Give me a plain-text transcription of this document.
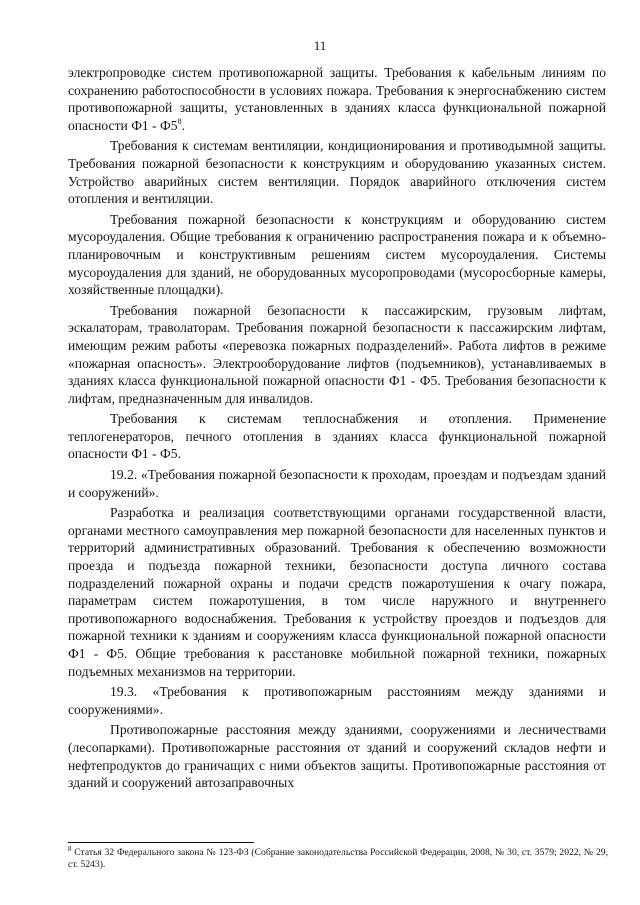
11

электропроводке систем противопожарной защиты. Требования к кабельным линиям по сохранению работоспособности в условиях пожара. Требования к энергоснабжению систем противопожарной защиты, установленных в зданиях класса функциональной пожарной опасности $Ф1 - Ф5^8$.

Требования к системам вентиляции, кондиционирования и противодымной защиты. Требования пожарной безопасности к конструкциям и оборудованию указанных систем. Устройство аварийных систем вентиляции. Порядок аварийного отключения систем отопления и вентиляции.

Требования пожарной безопасности к конструкциям и оборудованию систем мусороудаления. Общие требования к ограничению распространения пожара и к объемно-планировочным и конструктивным решениям систем мусороудаления. Системы мусороудаления для зданий, не оборудованных мусоропроводами (мусоросборные камеры, хозяйственные площадки).

Требования пожарной безопасности к пассажирским, грузовым лифтам, эскалаторам, траволаторам. Требования пожарной безопасности к пассажирским лифтам, имеющим режим работы «перевозка пожарных подразделений». Работа лифтов в режиме «пожарная опасность». Электрооборудование лифтов (подъемников), устанавливаемых в зданиях класса функциональной пожарной опасности Ф1 - Ф5. Требования безопасности к лифтам, предназначенным для инвалидов.

Требования к системам теплоснабжения и отопления. Применение теплогенераторов, печного отопления в зданиях класса функциональной пожарной опасности Ф1 - Ф5.

19.2. «Требования пожарной безопасности к проходам, проездам и подъездам зданий и сооружений».

Разработка и реализация соответствующими органами государственной власти, органами местного самоуправления мер пожарной безопасности для населенных пунктов и территорий административных образований. Требования к обеспечению возможности проезда и подъезда пожарной техники, безопасности доступа личного состава подразделений пожарной охраны и подачи средств пожаротушения к очагу пожара, параметрам систем пожаротушения, в том числе наружного и внутреннего противопожарного водоснабжения. Требования к устройству проездов и подъездов для пожарной техники к зданиям и сооружениям класса функциональной пожарной опасности Ф1 - Ф5. Общие требования к расстановке мобильной пожарной техники, пожарных подъемных механизмов на территории.

19.3. «Требования к противопожарным расстояниям между зданиями и сооружениями».

Противопожарные расстояния между зданиями, сооружениями и лесничествами (лесопарками). Противопожарные расстояния от зданий и сооружений складов нефти и нефтепродуктов до граничащих с ними объектов защиты. Противопожарные расстояния от зданий и сооружений автозаправочных

$^8$ Статья 32 Федерального закона № 123-ФЗ (Собрание законодательства Российской Федерации, 2008, № 30, ст. 3579; 2022, № 29, ст. 5243).
